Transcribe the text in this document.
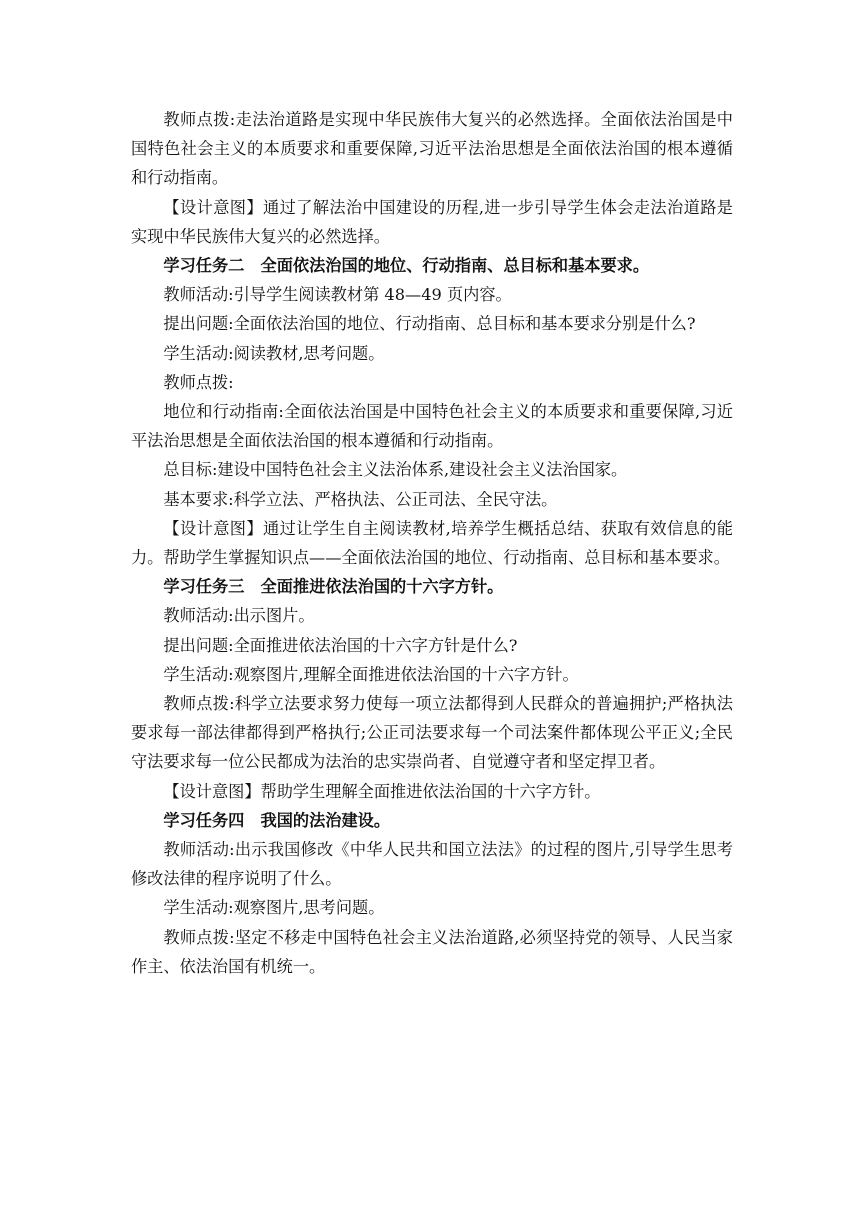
教师点拨:走法治道路是实现中华民族伟大复兴的必然选择。全面依法治国是中国特色社会主义的本质要求和重要保障,习近平法治思想是全面依法治国的根本遵循和行动指南。

【设计意图】通过了解法治中国建设的历程,进一步引导学生体会走法治道路是实现中华民族伟大复兴的必然选择。

学习任务二　全面依法治国的地位、行动指南、总目标和基本要求。

教师活动:引导学生阅读教材第 48—49 页内容。

提出问题:全面依法治国的地位、行动指南、总目标和基本要求分别是什么?

学生活动:阅读教材,思考问题。

教师点拨:

地位和行动指南:全面依法治国是中国特色社会主义的本质要求和重要保障,习近平法治思想是全面依法治国的根本遵循和行动指南。

总目标:建设中国特色社会主义法治体系,建设社会主义法治国家。

基本要求:科学立法、严格执法、公正司法、全民守法。

【设计意图】通过让学生自主阅读教材,培养学生概括总结、获取有效信息的能力。帮助学生掌握知识点——全面依法治国的地位、行动指南、总目标和基本要求。

学习任务三　全面推进依法治国的十六字方针。

教师活动:出示图片。

提出问题:全面推进依法治国的十六字方针是什么?

学生活动:观察图片,理解全面推进依法治国的十六字方针。

教师点拨:科学立法要求努力使每一项立法都得到人民群众的普遍拥护;严格执法要求每一部法律都得到严格执行;公正司法要求每一个司法案件都体现公平正义;全民守法要求每一位公民都成为法治的忠实崇尚者、自觉遵守者和坚定捍卫者。

【设计意图】帮助学生理解全面推进依法治国的十六字方针。

学习任务四　我国的法治建设。

教师活动:出示我国修改《中华人民共和国立法法》的过程的图片,引导学生思考修改法律的程序说明了什么。

学生活动:观察图片,思考问题。

教师点拨:坚定不移走中国特色社会主义法治道路,必须坚持党的领导、人民当家作主、依法治国有机统一。
